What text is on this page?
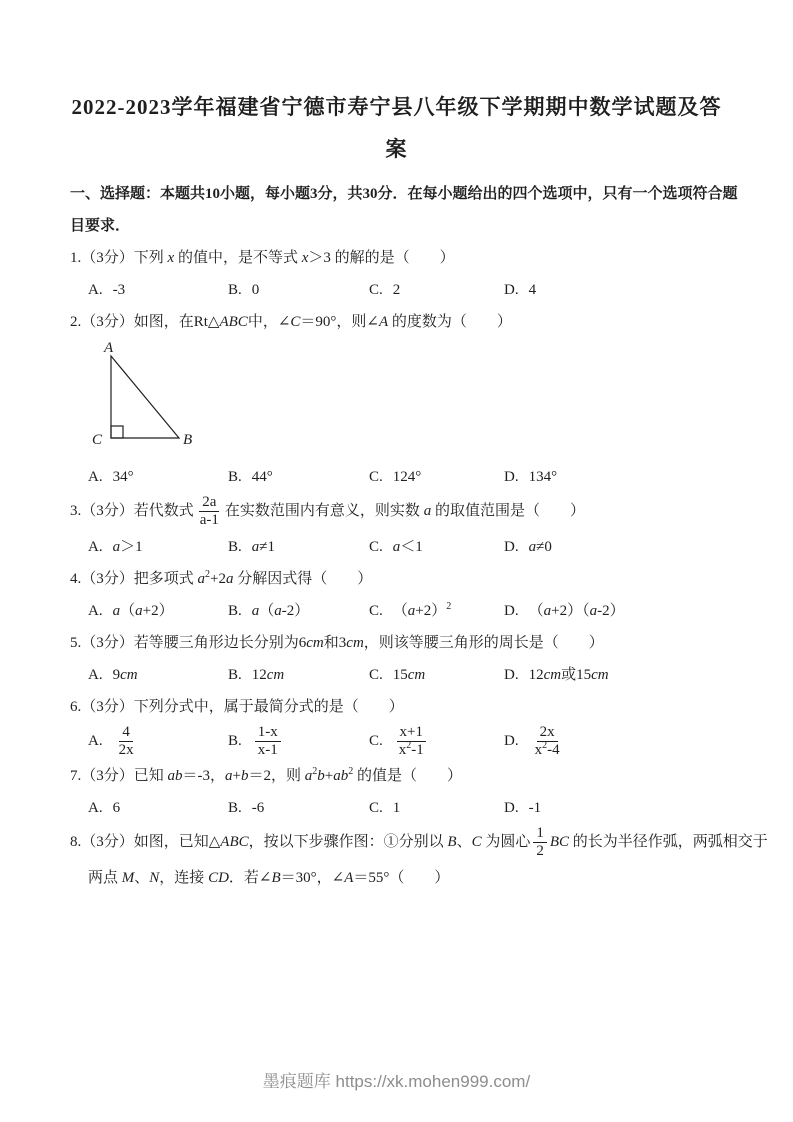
2022-2023学年福建省宁德市寿宁县八年级下学期期中数学试题及答
案
一、选择题：本题共10小题，每小题3分，共30分．在每小题给出的四个选项中，只有一个选项符合题
目要求．
1.（3分）下列 x 的值中，是不等式 x＞3 的解的是（　　）
A. -3	B. 0	C. 2	D. 4
2.（3分）如图，在Rt△ABC中，∠C＝90°，则∠A 的度数为（　　）
A
C	B
A. 34°	B. 44°	C. 124°	D. 134°
3.（3分）若代数式 $\frac{2a}{a-1}$ 在实数范围内有意义，则实数 a 的取值范围是（　　）
A. a＞1	B. a≠1	C. a＜1	D. a≠0
4.（3分）把多项式 $a^2+2a$ 分解因式得（　　）
A. a（a+2）	B. a（a-2）	C. $(a+2)^2$	D. （a+2）（a-2）
5.（3分）若等腰三角形边长分别为6cm和3cm，则该等腰三角形的周长是（　　）
A. 9cm	B. 12cm	C. 15cm	D. 12cm或15cm
6.（3分）下列分式中，属于最简分式的是（　　）
A. $\frac{4}{2x}$	B. $\frac{1-x}{x-1}$	C. $\frac{x+1}{x^2-1}$	D. $\frac{2x}{x^2-4}$
7.（3分）已知 ab＝-3，a+b＝2，则 $a^2b+ab^2$ 的值是（　　）
A. 6	B. -6	C. 1	D. -1
8.（3分）如图，已知△ABC，按以下步骤作图：①分别以 B、C 为圆心 $\frac{1}{2}$ BC 的长为半径作弧，两弧相交于
两点 M、N，连接 CD．若∠B＝30°，∠A＝55°（　　）
墨痕题库 https://xk.mohen999.com/
